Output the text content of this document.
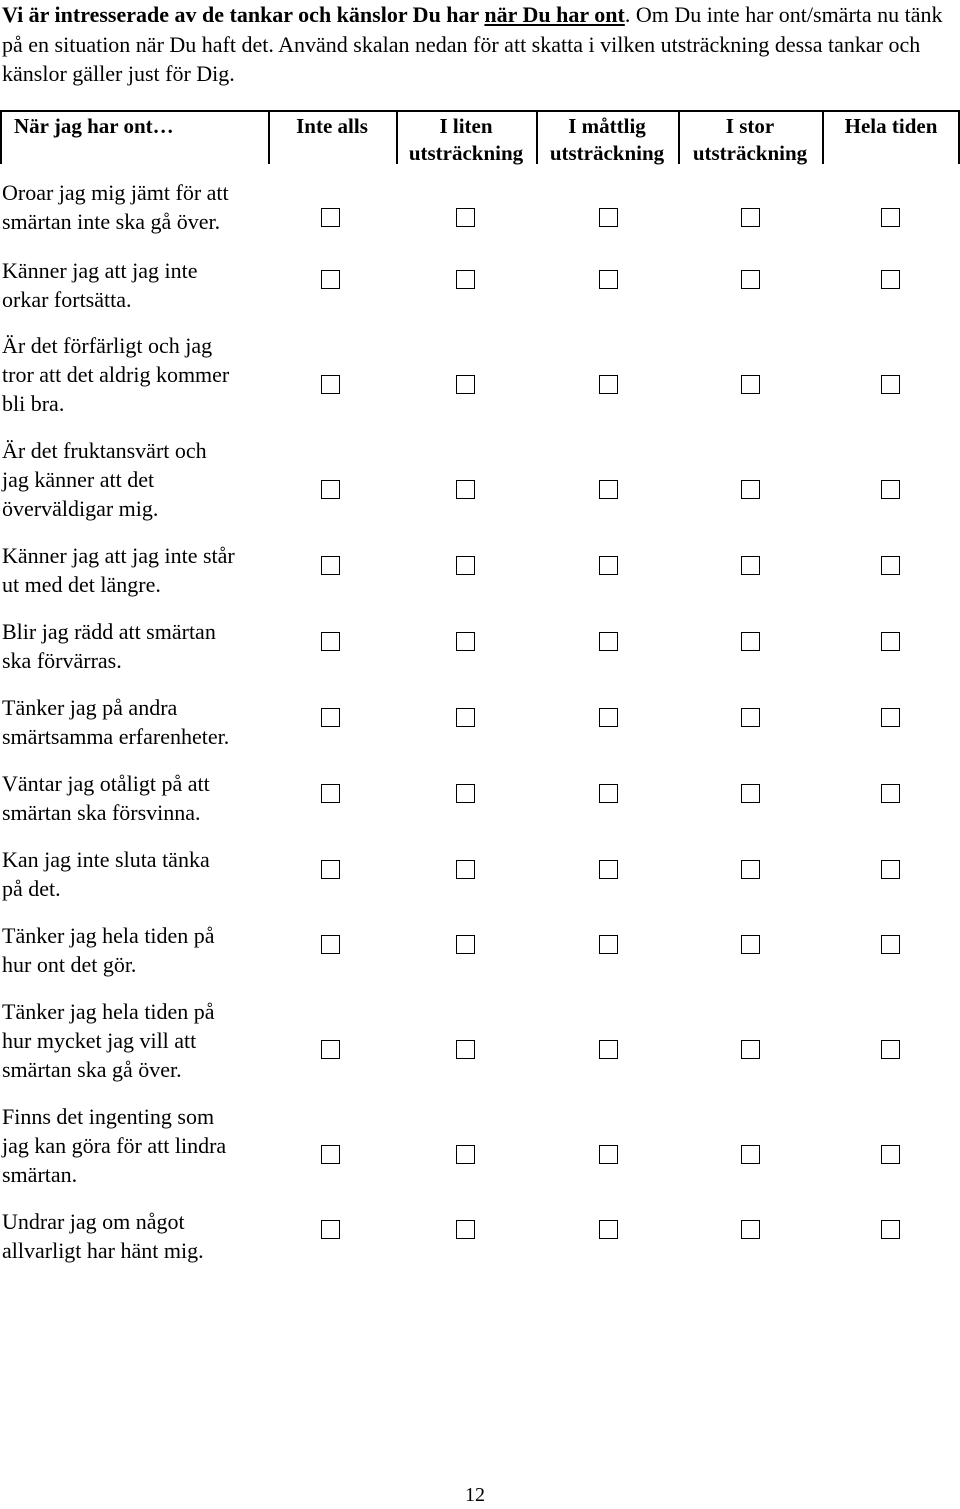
Vi är intresserade av de tankar och känslor Du har när Du har ont. Om Du inte har ont/smärta nu tänk på en situation när Du haft det. Använd skalan nedan för att skatta i vilken utsträckning dessa tankar och känslor gäller just för Dig.

När jag har ont…	Inte alls	I liten utsträckning
I måttlig utsträckning
I stor utsträckning
Hela tiden
Oroar jag mig jämt för att
smärtan inte ska gå över.
Känner jag att jag inte
orkar fortsätta.
Är det förfärligt och jag
tror att det aldrig kommer
bli bra.
Är det fruktansvärt och
jag känner att det
överväldigar mig.
Känner jag att jag inte står
ut med det längre.
Blir jag rädd att smärtan
ska förvärras.
Tänker jag på andra
smärtsamma erfarenheter.
Väntar jag otåligt på att
smärtan ska försvinna.
Kan jag inte sluta tänka
på det.
Tänker jag hela tiden på
hur ont det gör.
Tänker jag hela tiden på
hur mycket jag vill att
smärtan ska gå över.
Finns det ingenting som
jag kan göra för att lindra
smärtan.
Undrar jag om något
allvarligt har hänt mig.
12
